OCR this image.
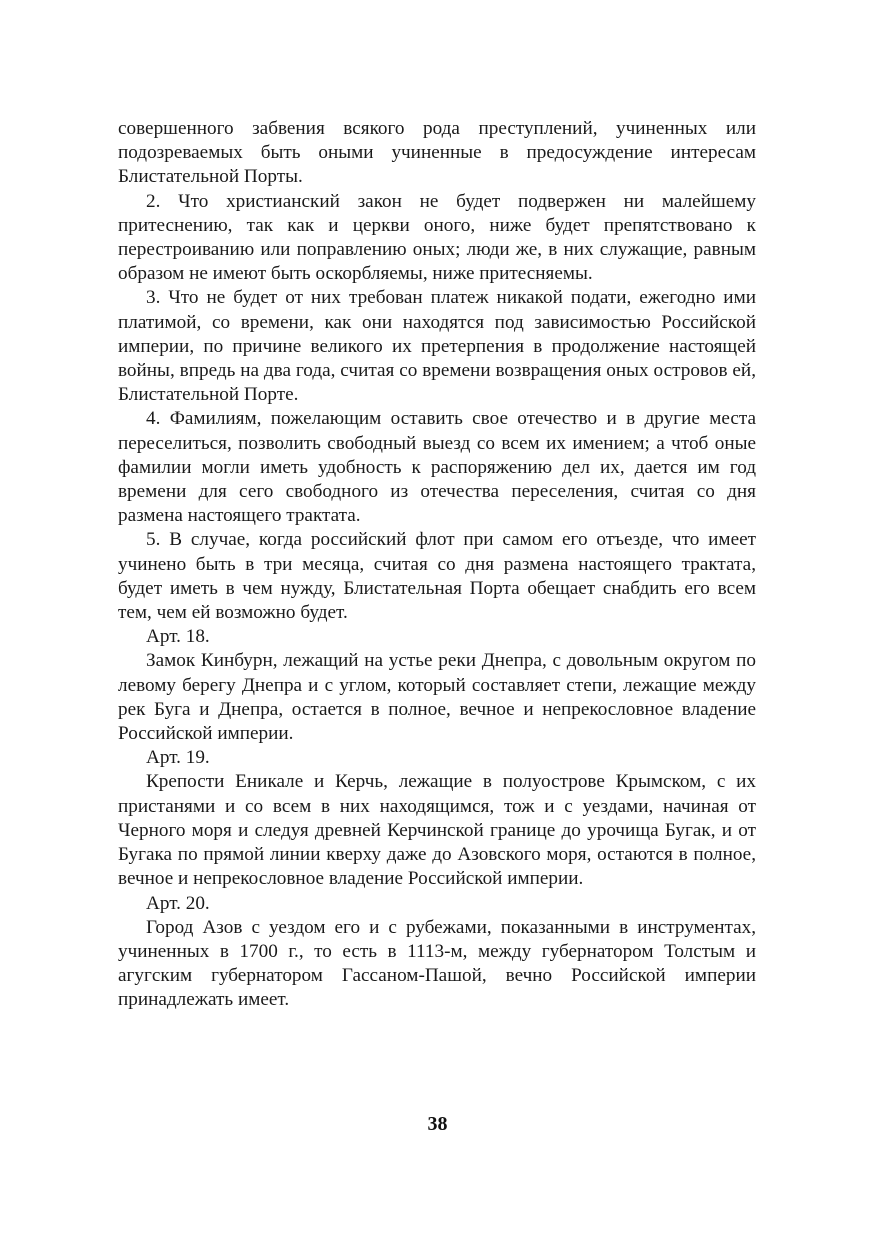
совершенного забвения всякого рода преступлений, учиненных или подозреваемых быть оными учиненные в предосуждение интересам Блистательной Порты.

2. Что христианский закон не будет подвержен ни малейшему притеснению, так как и церкви оного, ниже будет препятствовано к перестроиванию или поправлению оных; люди же, в них служащие, равным образом не имеют быть оскорбляемы, ниже притесняемы.

3. Что не будет от них требован платеж никакой подати, ежегодно ими платимой, со времени, как они находятся под зависимостью Российской империи, по причине великого их претерпения в продолжение настоящей войны, впредь на два года, считая со времени возвращения оных островов ей, Блистательной Порте.

4. Фамилиям, пожелающим оставить свое отечество и в другие места переселиться, позволить свободный выезд со всем их имением; а чтоб оные фамилии могли иметь удобность к распоряжению дел их, дается им год времени для сего свободного из отечества переселения, считая со дня размена настоящего трактата.

5. В случае, когда российский флот при самом его отъезде, что имеет учинено быть в три месяца, считая со дня размена настоящего трактата, будет иметь в чем нужду, Блистательная Порта обещает снабдить его всем тем, чем ей возможно будет.

Арт. 18.

Замок Кинбурн, лежащий на устье реки Днепра, с довольным округом по левому берегу Днепра и с углом, который составляет степи, лежащие между рек Буга и Днепра, остается в полное, вечное и непрекословное владение Российской империи.

Арт. 19.

Крепости Еникале и Керчь, лежащие в полуострове Крымском, с их пристанями и со всем в них находящимся, тож и с уездами, начиная от Черного моря и следуя древней Керчинской границе до урочища Бугак, и от Бугака по прямой линии кверху даже до Азовского моря, остаются в полное, вечное и непрекословное владение Российской империи.

Арт. 20.

Город Азов с уездом его и с рубежами, показанными в инструментах, учиненных в 1700 г., то есть в 1113-м, между губернатором Толстым и агугским губернатором Гассаном-Пашой, вечно Российской империи принадлежать имеет.

38
